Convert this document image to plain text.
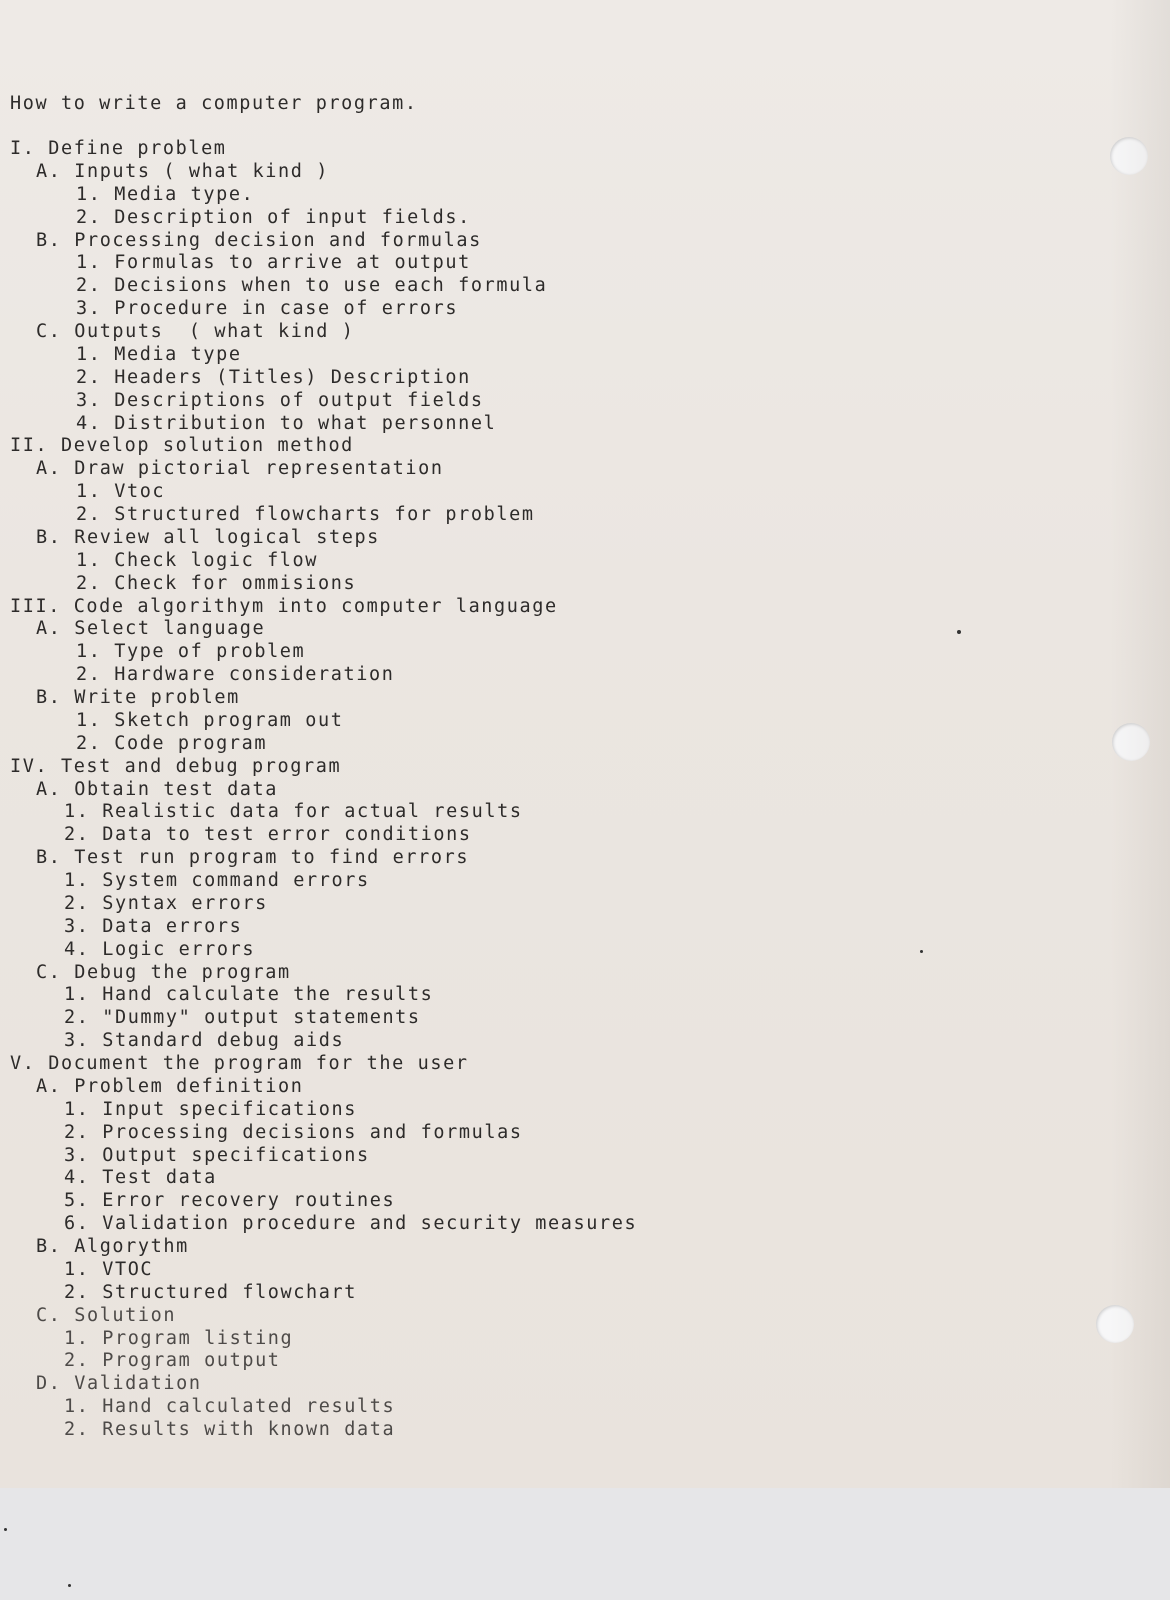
How to write a computer program.
I. Define problem
A. Inputs ( what kind )
1. Media type.
2. Description of input fields.
B. Processing decision and formulas
1. Formulas to arrive at output
2. Decisions when to use each formula
3. Procedure in case of errors
C. Outputs  ( what kind )
1. Media type
2. Headers (Titles) Description
3. Descriptions of output fields
4. Distribution to what personnel
II. Develop solution method
A. Draw pictorial representation
1. Vtoc
2. Structured flowcharts for problem
B. Review all logical steps
1. Check logic flow
2. Check for ommisions
III. Code algorithym into computer language
A. Select language
1. Type of problem
2. Hardware consideration
B. Write problem
1. Sketch program out
2. Code program
IV. Test and debug program
A. Obtain test data
1. Realistic data for actual results
2. Data to test error conditions
B. Test run program to find errors
1. System command errors
2. Syntax errors
3. Data errors
4. Logic errors
C. Debug the program
1. Hand calculate the results
2. "Dummy" output statements
3. Standard debug aids
V. Document the program for the user
A. Problem definition
1. Input specifications
2. Processing decisions and formulas
3. Output specifications
4. Test data
5. Error recovery routines
6. Validation procedure and security measures
B. Algorythm
1. VTOC
2. Structured flowchart
C. Solution
1. Program listing
2. Program output
D. Validation
1. Hand calculated results
2. Results with known data
